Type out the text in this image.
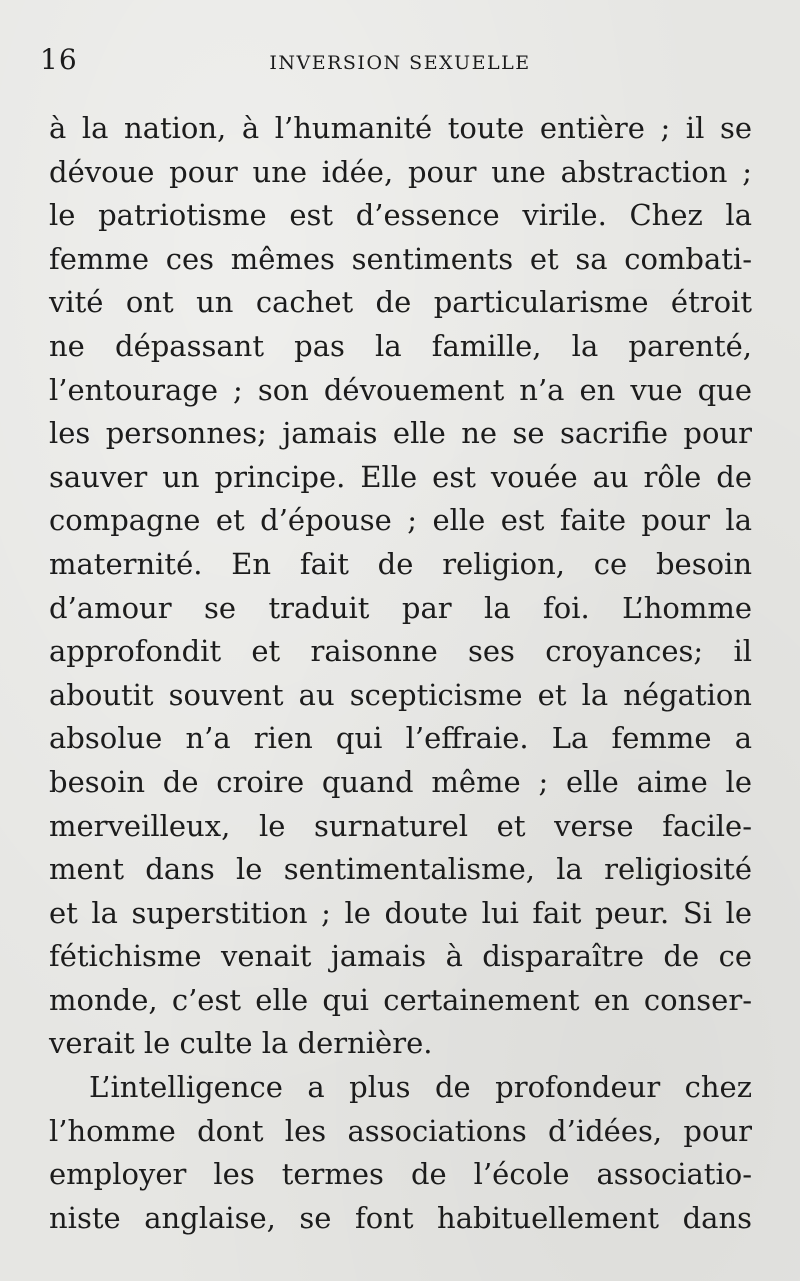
16	INVERSION SEXUELLE
à la nation, à l’humanité toute entière ; il se
dévoue pour une idée, pour une abstraction ;
le patriotisme est d’essence virile. Chez la
femme ces mêmes sentiments et sa combati-
vité ont un cachet de particularisme étroit
ne dépassant pas la famille, la parenté,
l’entourage ; son dévouement n’a en vue que
les personnes; jamais elle ne se sacrifie pour
sauver un principe. Elle est vouée au rôle de
compagne et d’épouse ; elle est faite pour la
maternité. En fait de religion, ce besoin
d’amour se traduit par la foi. L’homme
approfondit et raisonne ses croyances; il
aboutit souvent au scepticisme et la négation
absolue n’a rien qui l’effraie. La femme a
besoin de croire quand même ; elle aime le
merveilleux, le surnaturel et verse facile-
ment dans le sentimentalisme, la religiosité
et la superstition ; le doute lui fait peur. Si le
fétichisme venait jamais à disparaître de ce
monde, c’est elle qui certainement en conser-
verait le culte la dernière.
L’intelligence a plus de profondeur chez
l’homme dont les associations d’idées, pour
employer les termes de l’école associatio-
niste anglaise, se font habituellement dans
